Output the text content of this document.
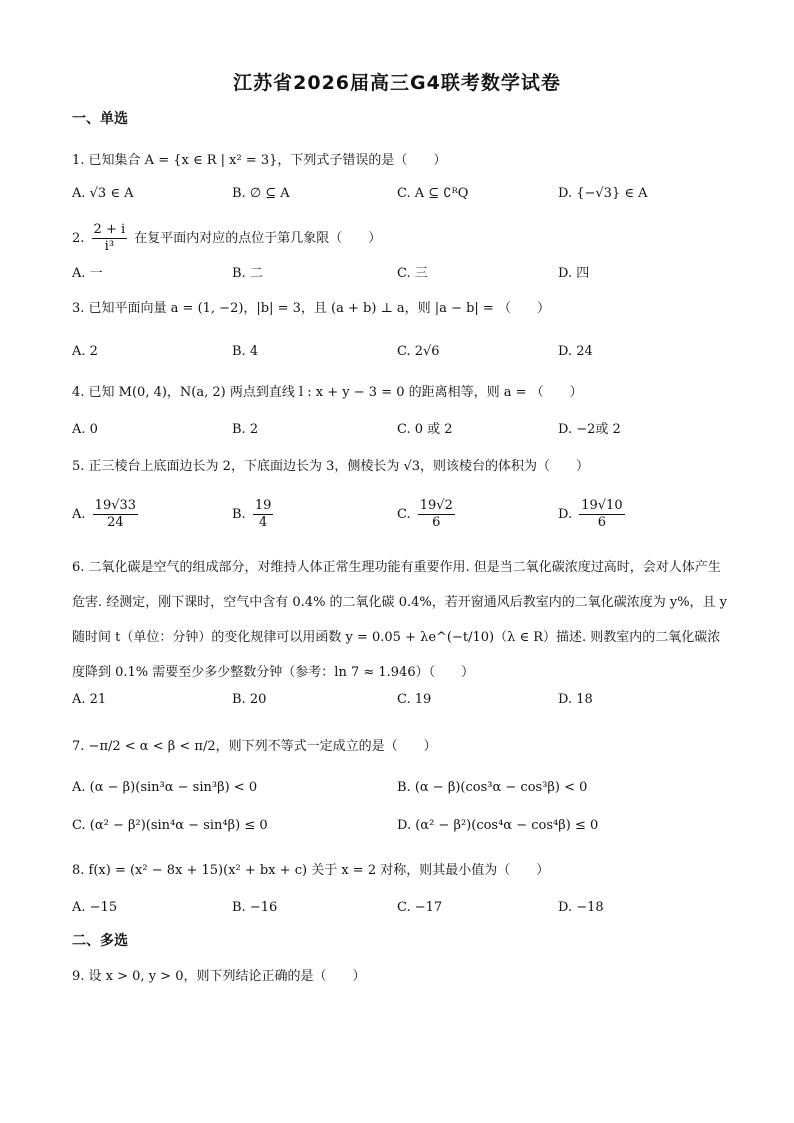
江苏省2026届高三G4联考数学试卷
一、单选
1. 已知集合 A = {x ∈ R | x² = 3}，下列式子错误的是（　　）
A. √3 ∈ A	B. ∅ ⊆ A	C. A ⊆ ∁ᴿQ	D. {−√3} ∈ A
2. $\frac{2 + i}{\text{i³}}$ 在复平面内对应的点位于第几象限（　　）
A. 一	B. 二	C. 三	D. 四
3. 已知平面向量 a = (1, −2)，|b| = 3，且 (a + b) ⊥ a，则 |a − b| = （　　）
A. 2	B. 4	C. 2√6	D. 24
4. 已知 M(0, 4)，N(a, 2) 两点到直线 l : x + y − 3 = 0 的距离相等，则 a = （　　）
A. 0	B. 2	C. 0 或 2	D. −2或 2
5. 正三棱台上底面边长为 2，下底面边长为 3，侧棱长为 √3，则该棱台的体积为（　　）
A. $\frac{19√33}{24}$	B. $\frac{19}{4}$	C. $\frac{19√2}{6}$	D. $\frac{19√10}{6}$
6. 二氧化碳是空气的组成部分，对维持人体正常生理功能有重要作用. 但是当二氧化碳浓度过高时，会对人体产生危害. 经测定，刚下课时，空气中含有 0.4% 的二氧化碳 0.4%，若开窗通风后教室内的二氧化碳浓度为 y%，且 y 随时间 t（单位：分钟）的变化规律可以用函数 y = 0.05 + λe^(−t/10)（λ ∈ R）描述. 则教室内的二氧化碳浓度降到 0.1% 需要至少多少整数分钟（参考：ln 7 ≈ 1.946）（　　）
A. 21	B. 20	C. 19	D. 18
7. −π/2 < α < β < π/2，则下列不等式一定成立的是（　　）
A. (α − β)(sin³α − sin³β) < 0	B. (α − β)(cos³α − cos³β) < 0
C. (α² − β²)(sin⁴α − sin⁴β) ≤ 0	D. (α² − β²)(cos⁴α − cos⁴β) ≤ 0
8. f(x) = (x² − 8x + 15)(x² + bx + c) 关于 x = 2 对称，则其最小值为（　　）
A. −15	B. −16	C. −17	D. −18
二、多选
9. 设 x > 0, y > 0，则下列结论正确的是（　　）
